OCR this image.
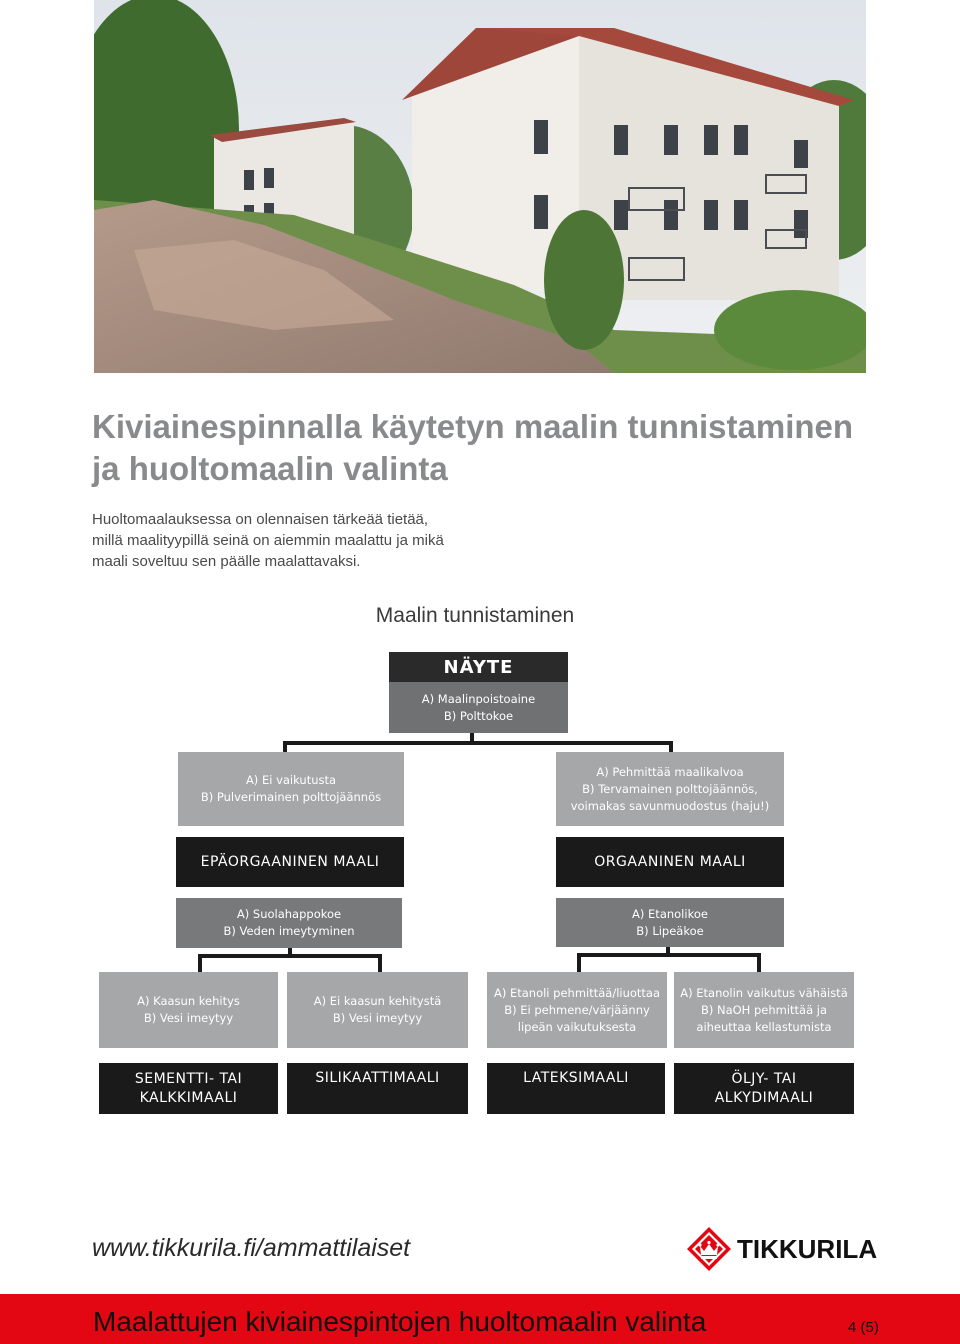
Kiviainespinnalla käytetyn maalin tunnistaminen
ja huoltomaalin valinta

Huoltomaalauksessa on olennaisen tärkeää tietää,
millä maalityypillä seinä on aiemmin maalattu ja mikä
maali soveltuu sen päälle maalattavaksi.

Maalin tunnistaminen
NÄYTE
A) Maalinpoistoaine
B) Polttokoe
A) Ei vaikutusta
B) Pulverimainen polttojäännös
A) Pehmittää maalikalvoa
B) Tervamainen polttojäännös,
voimakas savunmuodostus (haju!)
EPÄORGAANINEN MAALI	ORGAANINEN MAALI
A) Suolahappokoe
B) Veden imeytyminen
A) Etanolikoe
B) Lipeäkoe
A) Kaasun kehitys
B) Vesi imeytyy
A) Ei kaasun kehitystä
B) Vesi imeytyy
A) Etanoli pehmittää/liuottaa
B) Ei pehmene/värjäänny
lipeän vaikutuksesta
A) Etanolin vaikutus vähäistä
B) NaOH pehmittää ja
aiheuttaa kellastumista
SEMENTTI- TAI
KALKKIMAALI
SILIKAATTIMAALI	LATEKSIMAALI	ÖLJY- TAI
ALKYDIMAALI
www.tikkurila.fi/ammattilaiset	TIKKURILA
Maalattujen kiviainespintojen huoltomaalin valinta	4 (5)
